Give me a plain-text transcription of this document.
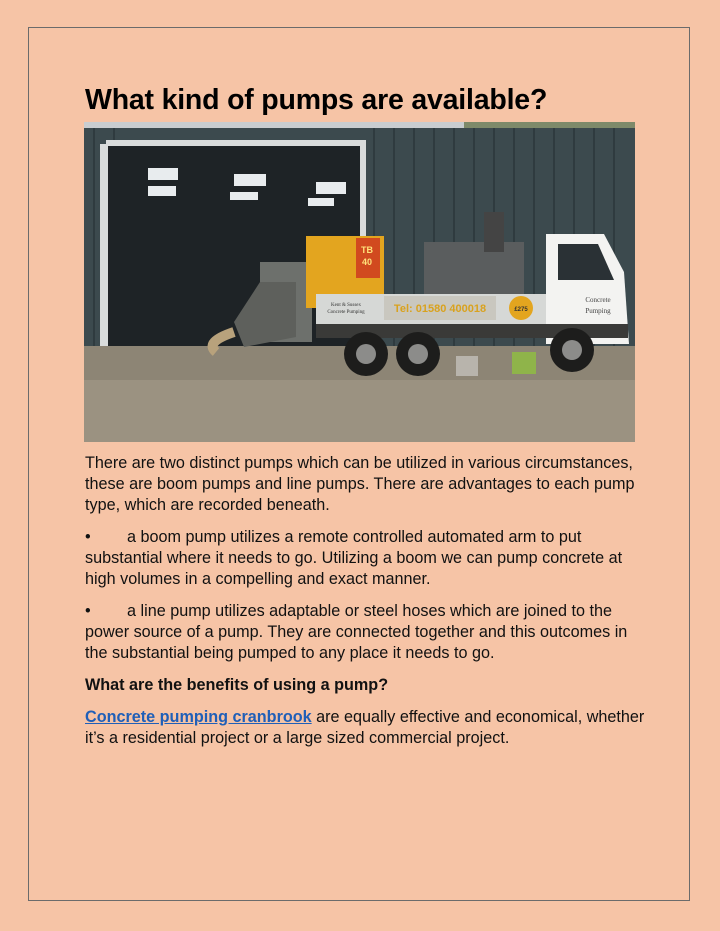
What kind of pumps are available?
TB
40
Tel: 01580 400018
Kent & Sussex
Concrete Pumping	£275
Concrete
Pumping

There are two distinct pumps which can be utilized in various circumstances, these are boom pumps and line pumps. There are advantages to each pump type, which are recorded beneath.

• a boom pump utilizes a remote controlled automated arm to put substantial where it needs to go. Utilizing a boom we can pump concrete at high volumes in a compelling and exact manner.

• a line pump utilizes adaptable or steel hoses which are joined to the power source of a pump. They are connected together and this outcomes in the substantial being pumped to any place it needs to go.

What are the benefits of using a pump?

Concrete pumping cranbrook are equally effective and economical, whether it’s a residential project or a large sized commercial project.
